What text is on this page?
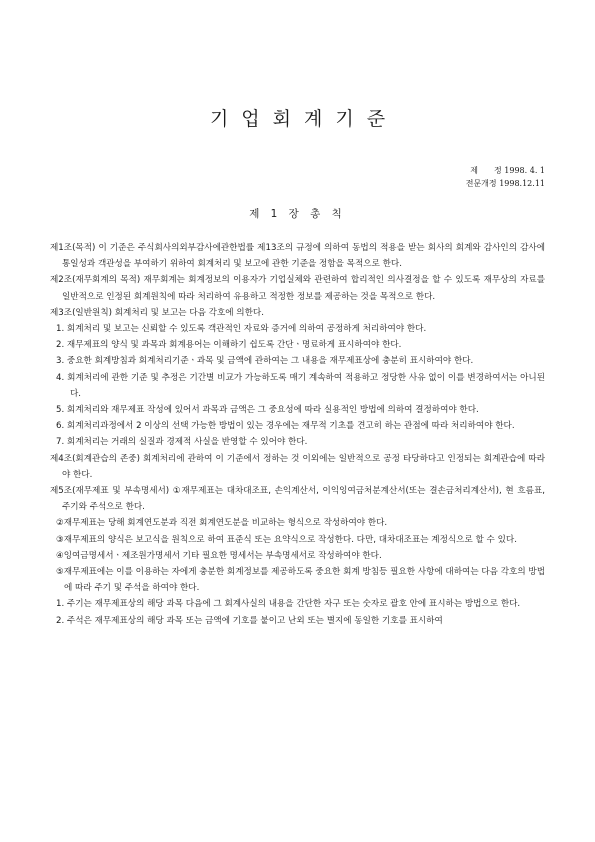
기업회계기준
제　　정 1998. 4. 1
전문개정 1998.12.11
제 1 장 총 칙

제1조(목적) 이 기준은 주식회사의외부감사에관한법률 제13조의 규정에 의하여 동법의 적용을 받는 회사의 회계와 감사인의 감사에 통일성과 객관성을 부여하기 위하여 회계처리 및 보고에 관한 기준을 정함을 목적으로 한다.

제2조(재무회계의 목적) 재무회계는 회계정보의 이용자가 기업실체와 관련하여 합리적인 의사결정을 할 수 있도록 재무상의 자료를 일반적으로 인정된 회계원칙에 따라 처리하여 유용하고 적정한 정보를 제공하는 것을 목적으로 한다.

제3조(일반원칙) 회계처리 및 보고는 다음 각호에 의한다.

1. 회계처리 및 보고는 신뢰할 수 있도록 객관적인 자료와 증거에 의하여 공정하게 처리하여야 한다.

2. 재무제표의 양식 및 과목과 회계용어는 이해하기 쉽도록 간단ㆍ명료하게 표시하여야 한다.

3. 중요한 회계방침과 회계처리기준ㆍ과목 및 금액에 관하여는 그 내용을 재무제표상에 충분히 표시하여야 한다.

4. 회계처리에 관한 기준 및 추정은 기간별 비교가 가능하도록 매기 계속하여 적용하고 정당한 사유 없이 이를 변경하여서는 아니된다.

5. 회계처리와 재무제표 작성에 있어서 과목과 금액은 그 중요성에 따라 실용적인 방법에 의하여 결정하여야 한다.

6. 회계처리과정에서 2 이상의 선택 가능한 방법이 있는 경우에는 재무적 기초를 견고히 하는 관점에 따라 처리하여야 한다.

7. 회계처리는 거래의 실질과 경제적 사실을 반영할 수 있어야 한다.

제4조(회계관습의 존중) 회계처리에 관하여 이 기준에서 정하는 것 이외에는 일반적으로 공정 타당하다고 인정되는 회계관습에 따라야 한다.

제5조(재무제표 및 부속명세서) ①재무제표는 대차대조표, 손익계산서, 이익잉여금처분계산서(또는 결손금처리계산서), 현 흐름표, 주기와 주석으로 한다.

②재무제표는 당해 회계연도분과 직전 회계연도분을 비교하는 형식으로 작성하여야 한다.

③재무제표의 양식은 보고식을 원칙으로 하여 표준식 또는 요약식으로 작성한다. 다만, 대차대조표는 계정식으로 할 수 있다.

④잉여금명세서ㆍ제조원가명세서 기타 필요한 명세서는 부속명세서로 작성하여야 한다.

⑤재무제표에는 이를 이용하는 자에게 충분한 회계정보를 제공하도록 중요한 회계 방침등 필요한 사항에 대하여는 다음 각호의 방법에 따라 주기 및 주석을 하여야 한다.

1. 주기는 재무제표상의 해당 과목 다음에 그 회계사실의 내용을 간단한 자구 또는 숫자로 괄호 안에 표시하는 방법으로 한다.

2. 주석은 재무제표상의 해당 과목 또는 금액에 기호를 붙이고 난외 또는 별지에 동일한 기호를 표시하여
